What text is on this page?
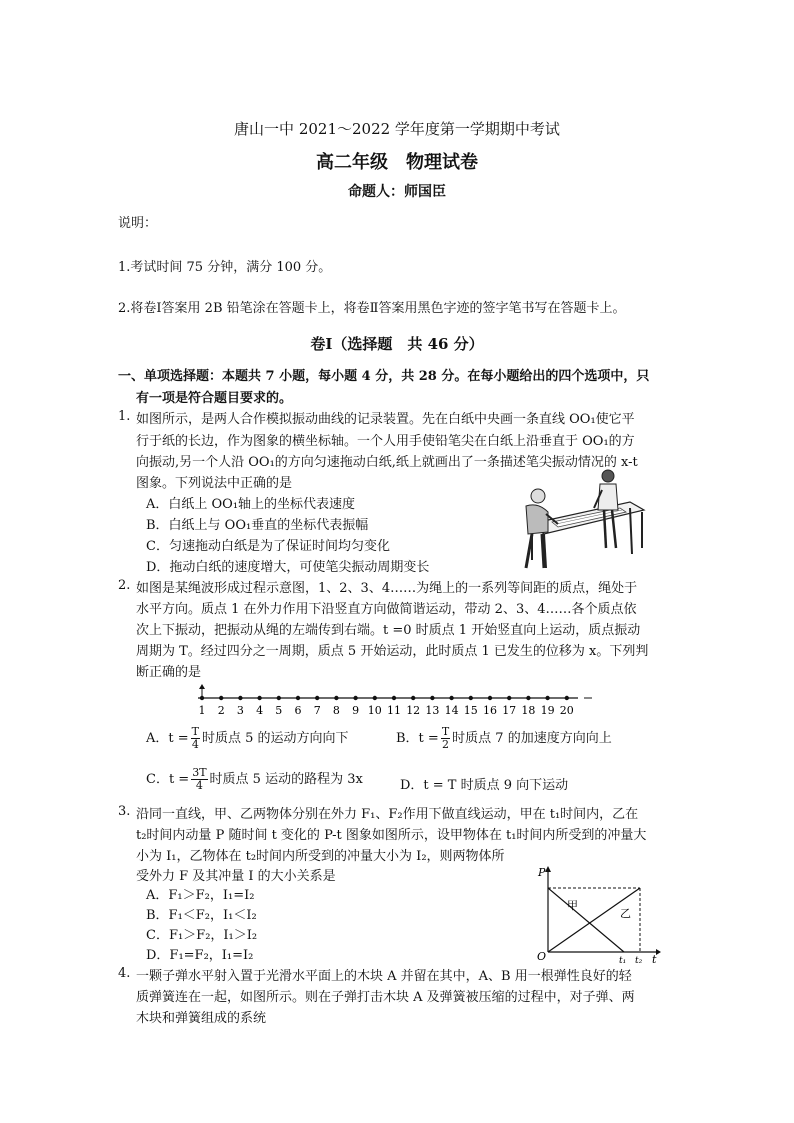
唐山一中 2021～2022 学年度第一学期期中考试
高二年级　物理试卷
命题人：师国臣
说明：
1.考试时间 75 分钟，满分 100 分。
2.将卷Ⅰ答案用 2B 铅笔涂在答题卡上，将卷Ⅱ答案用黑色字迹的签字笔书写在答题卡上。
卷Ⅰ（选择题　共 46 分）
一、单项选择题：本题共 7 小题，每小题 4 分，共 28 分。在每小题给出的四个选项中，只
有一项是符合题目要求的。
1. 如图所示，是两人合作模拟振动曲线的记录装置。先在白纸中央画一条直线 OO₁使它平
行于纸的长边，作为图象的横坐标轴。一个人用手使铅笔尖在白纸上沿垂直于 OO₁的方
向振动,另一个人沿 OO₁的方向匀速拖动白纸,纸上就画出了一条描述笔尖振动情况的 x-t
图象。下列说法中正确的是
A．白纸上 OO₁轴上的坐标代表速度
B．白纸上与 OO₁垂直的坐标代表振幅
C．匀速拖动白纸是为了保证时间均匀变化
D．拖动白纸的速度增大，可使笔尖振动周期变长
2. 如图是某绳波形成过程示意图，1、2、3、4……为绳上的一系列等间距的质点，绳处于
水平方向。质点 1 在外力作用下沿竖直方向做简谐运动，带动 2、3、4……各个质点依
次上下振动，把振动从绳的左端传到右端。t =0 时质点 1 开始竖直向上运动，质点振动
周期为 T。经过四分之一周期，质点 5 开始运动，此时质点 1 已发生的位移为 x。下列判
断正确的是
1 2 3 4 5 6 7 8 9 10 11 12 13 14 15 16 17 18 19 20
A．$t = \frac{T}{4}$ 时质点 5 的运动方向向下	B．$t = \frac{T}{2}$ 时质点 7 的加速度方向向上
C．$t = \frac{3T}{4}$ 时质点 5 运动的路程为 3x	D．t = T 时质点 9 向下运动
3. 沿同一直线，甲、乙两物体分别在外力 F₁、F₂作用下做直线运动，甲在 t₁时间内，乙在
t₂时间内动量 P 随时间 t 变化的 P-t 图象如图所示，设甲物体在 t₁时间内所受到的冲量大
小为 I₁，乙物体在 t₂时间内所受到的冲量大小为 I₂，则两物体所
受外力 F 及其冲量 I 的大小关系是
A．F₁＞F₂，I₁=I₂
B．F₁＜F₂，I₁＜I₂
C．F₁＞F₂，I₁＞I₂
D．F₁=F₂，I₁=I₂
P
O	t
t₁ t₂
甲
乙
4. 一颗子弹水平射入置于光滑水平面上的木块 A 并留在其中，A、B 用一根弹性良好的轻
质弹簧连在一起，如图所示。则在子弹打击木块 A 及弹簧被压缩的过程中，对子弹、两
木块和弹簧组成的系统
